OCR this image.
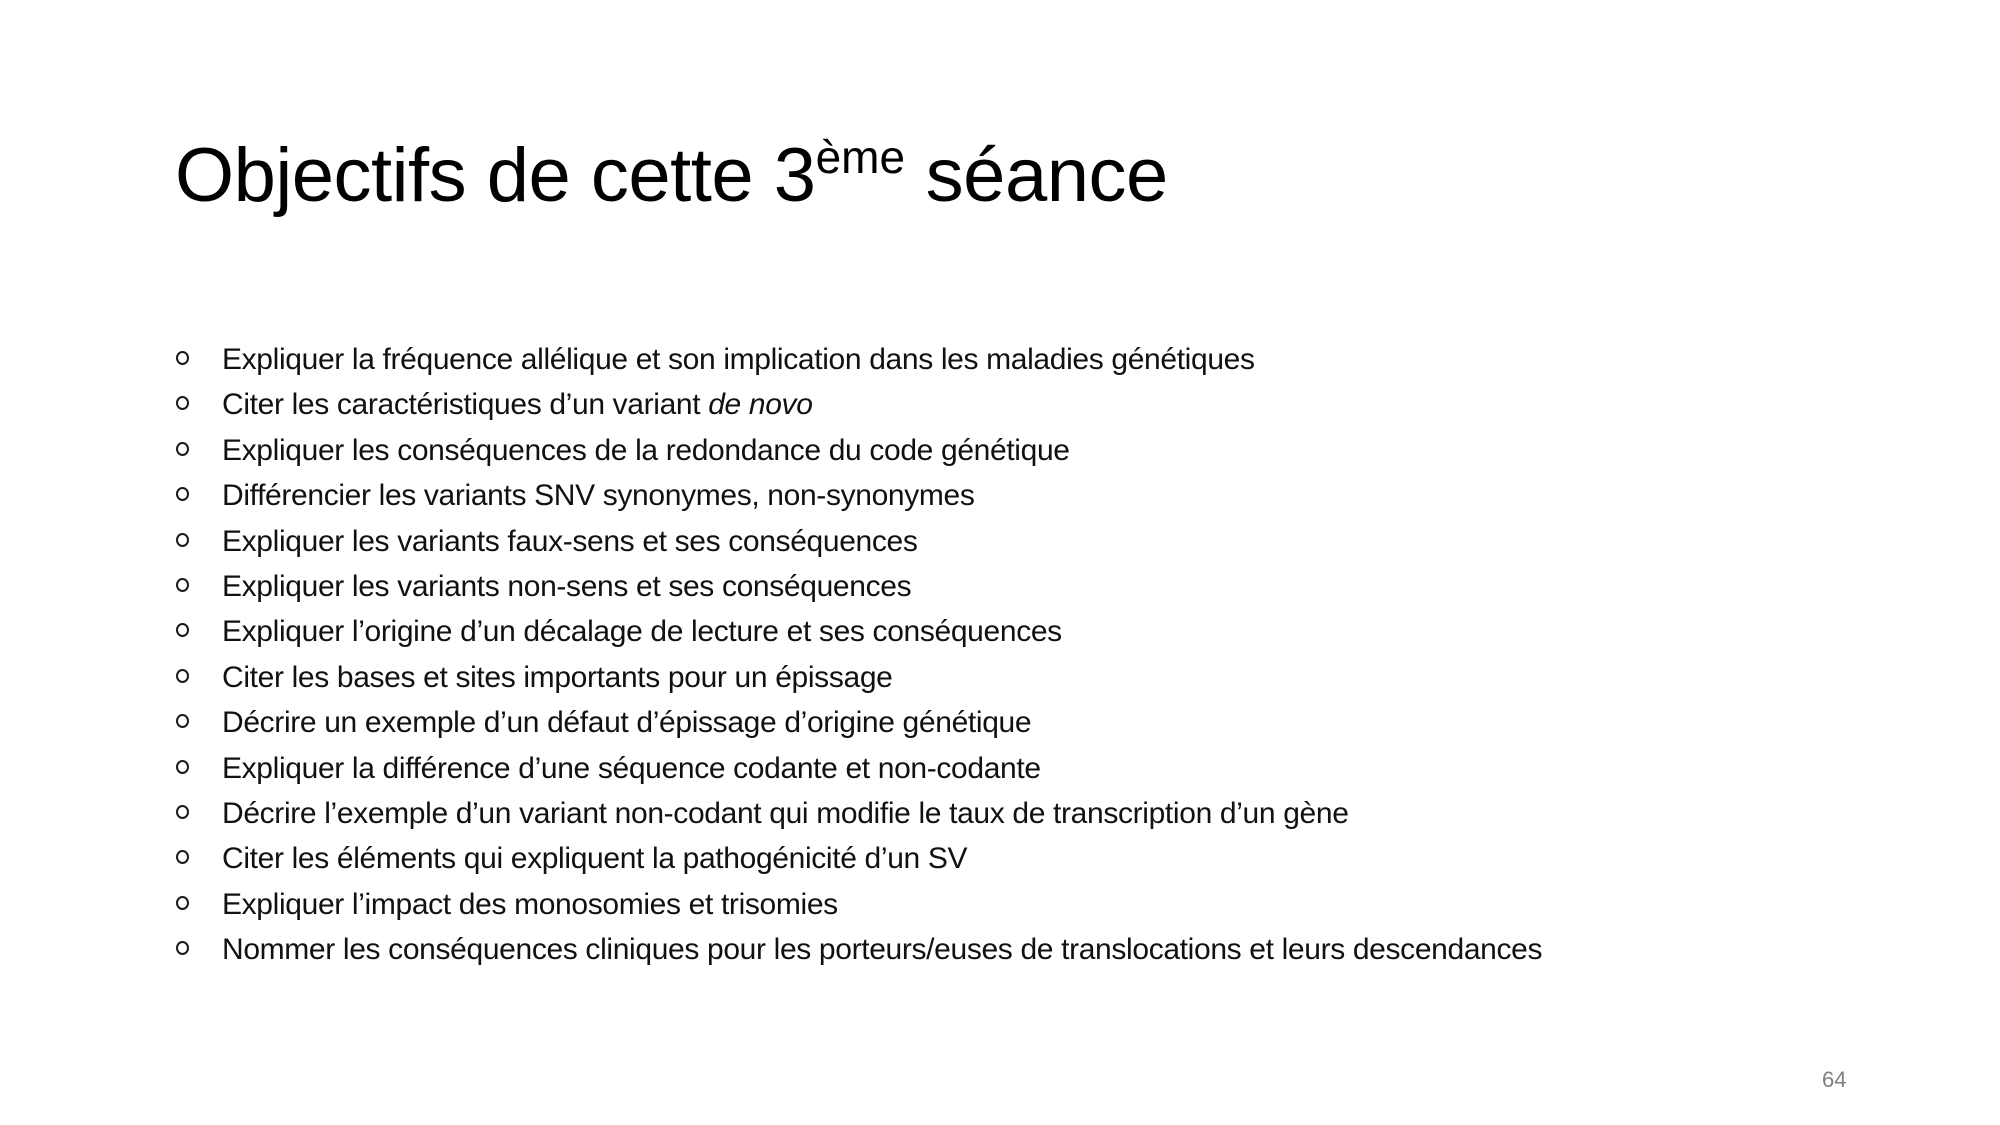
Objectifs de cette 3ème séance
Expliquer la fréquence allélique et son implication dans les maladies génétiques
Citer les caractéristiques d’un variant de novo
Expliquer les conséquences de la redondance du code génétique
Différencier les variants SNV synonymes, non-synonymes
Expliquer les variants faux-sens et ses conséquences
Expliquer les variants non-sens et ses conséquences
Expliquer l’origine d’un décalage de lecture et ses conséquences
Citer les bases et sites importants pour un épissage
Décrire un exemple d’un défaut d’épissage d’origine génétique
Expliquer la différence d’une séquence codante et non-codante
Décrire l’exemple d’un variant non-codant qui modifie le taux de transcription d’un gène
Citer les éléments qui expliquent la pathogénicité d’un SV
Expliquer l’impact des monosomies et trisomies
Nommer les conséquences cliniques pour les porteurs/euses de translocations et leurs descendances
64
